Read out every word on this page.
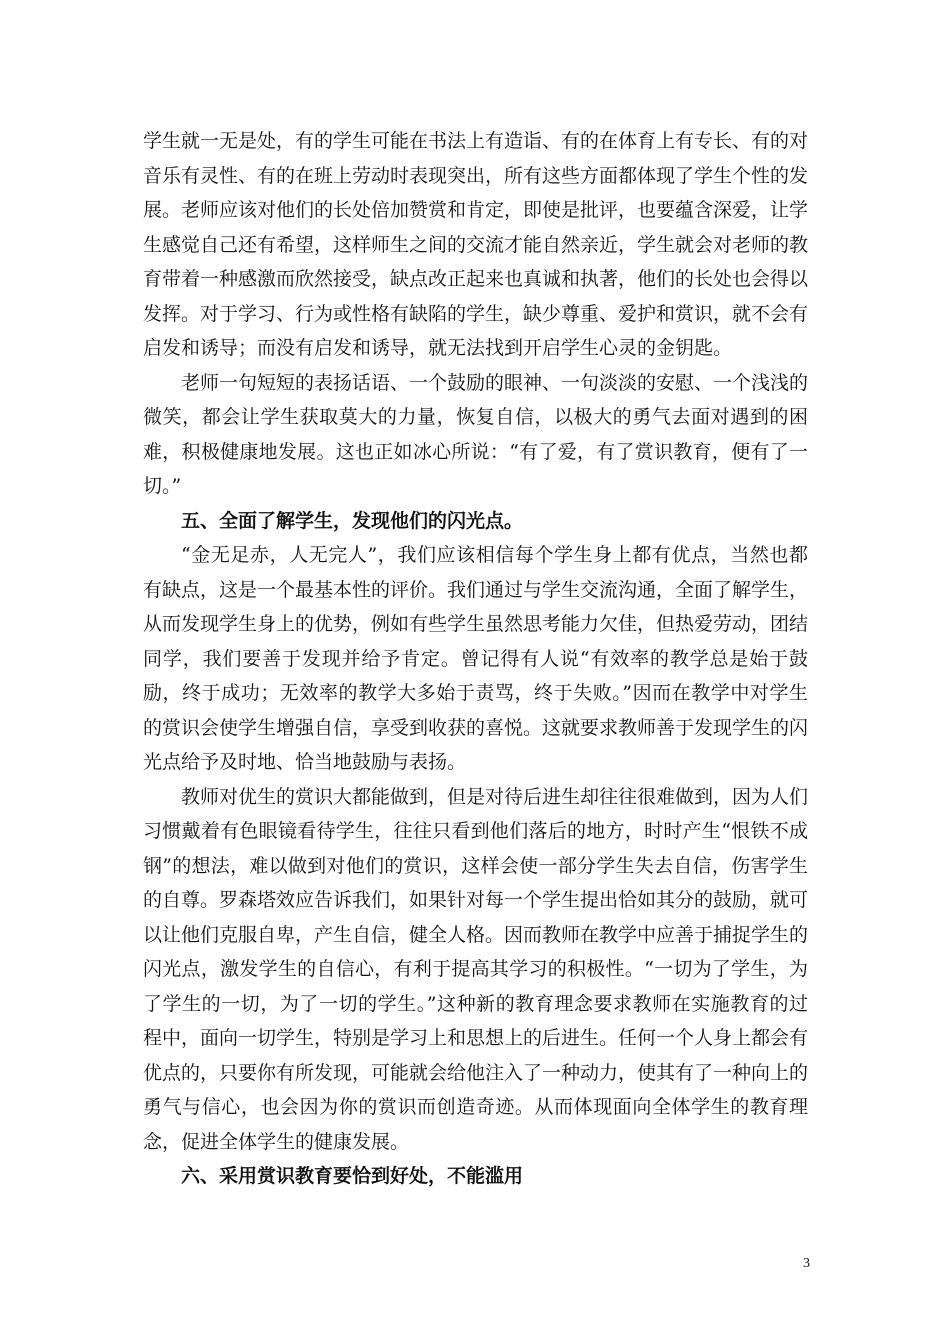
学生就一无是处，有的学生可能在书法上有造诣、有的在体育上有专长、有的对音乐有灵性、有的在班上劳动时表现突出，所有这些方面都体现了学生个性的发展。老师应该对他们的长处倍加赞赏和肯定，即使是批评，也要蕴含深爱，让学生感觉自己还有希望，这样师生之间的交流才能自然亲近，学生就会对老师的教育带着一种感激而欣然接受，缺点改正起来也真诚和执著，他们的长处也会得以发挥。对于学习、行为或性格有缺陷的学生，缺少尊重、爱护和赏识，就不会有启发和诱导；而没有启发和诱导，就无法找到开启学生心灵的金钥匙。

老师一句短短的表扬话语、一个鼓励的眼神、一句淡淡的安慰、一个浅浅的微笑，都会让学生获取莫大的力量，恢复自信，以极大的勇气去面对遇到的困难，积极健康地发展。这也正如冰心所说：“有了爱，有了赏识教育，便有了一切。”

五、全面了解学生，发现他们的闪光点。

“金无足赤，人无完人”，我们应该相信每个学生身上都有优点，当然也都有缺点，这是一个最基本性的评价。我们通过与学生交流沟通，全面了解学生，从而发现学生身上的优势，例如有些学生虽然思考能力欠佳，但热爱劳动，团结同学，我们要善于发现并给予肯定。曾记得有人说“有效率的教学总是始于鼓励，终于成功；无效率的教学大多始于责骂，终于失败。”因而在教学中对学生的赏识会使学生增强自信，享受到收获的喜悦。这就要求教师善于发现学生的闪光点给予及时地、恰当地鼓励与表扬。

教师对优生的赏识大都能做到，但是对待后进生却往往很难做到，因为人们习惯戴着有色眼镜看待学生，往往只看到他们落后的地方，时时产生“恨铁不成钢”的想法，难以做到对他们的赏识，这样会使一部分学生失去自信，伤害学生的自尊。罗森塔效应告诉我们，如果针对每一个学生提出恰如其分的鼓励，就可以让他们克服自卑，产生自信，健全人格。因而教师在教学中应善于捕捉学生的闪光点，激发学生的自信心，有利于提高其学习的积极性。“一切为了学生，为了学生的一切，为了一切的学生。”这种新的教育理念要求教师在实施教育的过程中，面向一切学生，特别是学习上和思想上的后进生。任何一个人身上都会有优点的，只要你有所发现，可能就会给他注入了一种动力，使其有了一种向上的勇气与信心，也会因为你的赏识而创造奇迹。从而体现面向全体学生的教育理念，促进全体学生的健康发展。

六、采用赏识教育要恰到好处，不能滥用

3
